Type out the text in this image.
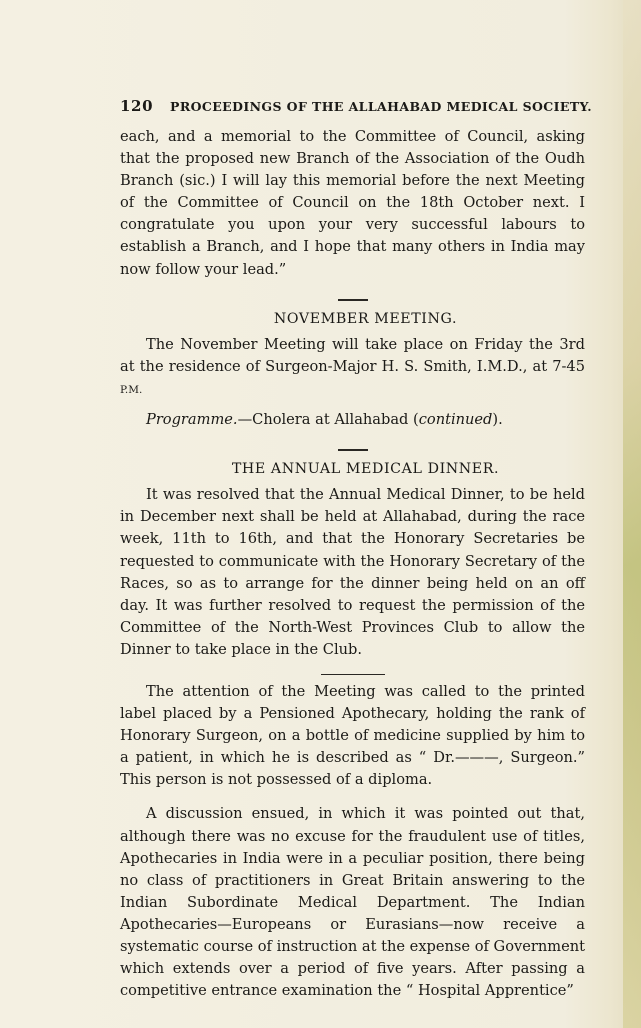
120 PROCEEDINGS OF THE ALLAHABAD MEDICAL SOCIETY.

each, and a memorial to the Committee of Council, asking that the proposed new Branch of the Association of the Oudh Branch (sic.) I will lay this memorial before the next Meeting of the Committee of Council on the 18th October next. I congratulate you upon your very successful labours to establish a Branch, and I hope that many others in India may now follow your lead.”

NOVEMBER MEETING.

The November Meeting will take place on Friday the 3rd at the residence of Surgeon-Major H. S. Smith, I.M.D., at 7-45 P.M.

Programme.—Cholera at Allahabad (continued).

THE ANNUAL MEDICAL DINNER.

It was resolved that the Annual Medical Dinner, to be held in December next shall be held at Allahabad, during the race week, 11th to 16th, and that the Honorary Secretaries be requested to communicate with the Honorary Secretary of the Races, so as to arrange for the dinner being held on an off day. It was further resolved to request the permission of the Committee of the North-West Provinces Club to allow the Dinner to take place in the Club.

The attention of the Meeting was called to the printed label placed by a Pensioned Apothecary, holding the rank of Honorary Surgeon, on a bottle of medicine supplied by him to a patient, in which he is described as “ Dr.———, Surgeon.” This person is not possessed of a diploma.

A discussion ensued, in which it was pointed out that, although there was no excuse for the fraudulent use of titles, Apothecaries in India were in a peculiar position, there being no class of practitioners in Great Britain answering to the Indian Subordinate Medical Department. The Indian Apothecaries—Europeans or Eurasians—now receive a systematic course of instruction at the expense of Government which extends over a period of five years. After passing a competitive entrance examination the “ Hospital Apprentice”
